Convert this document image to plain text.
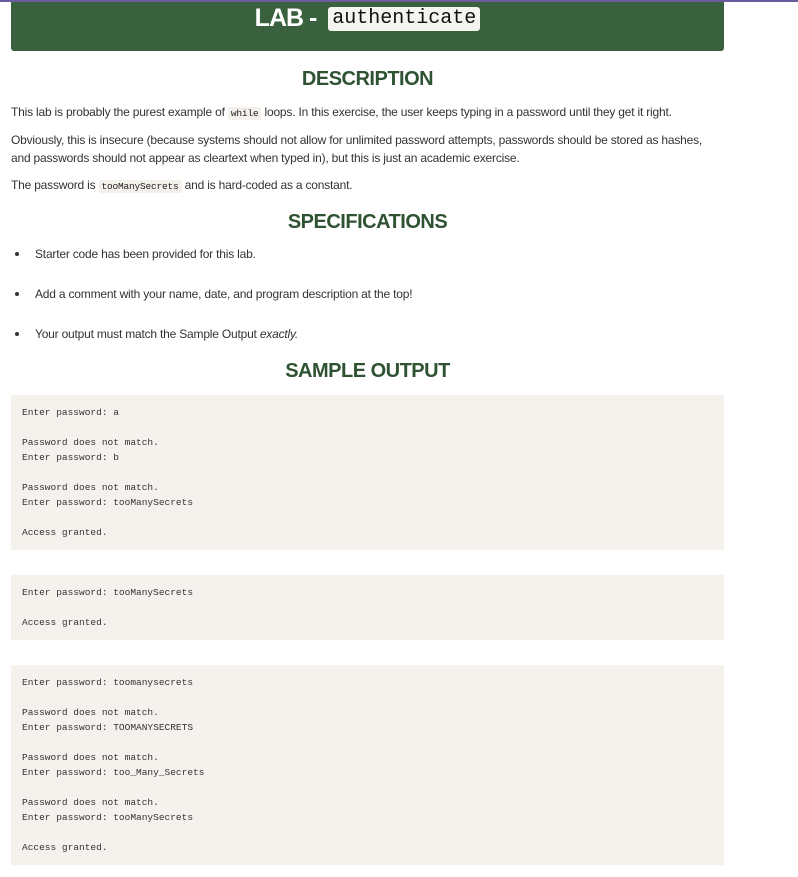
LAB - authenticate
DESCRIPTION
This lab is probably the purest example of while loops. In this exercise, the user keeps typing in a password until they get it right.
Obviously, this is insecure (because systems should not allow for unlimited password attempts, passwords should be stored as hashes, and passwords should not appear as cleartext when typed in), but this is just an academic exercise.
The password is tooManySecrets and is hard-coded as a constant.
SPECIFICATIONS
Starter code has been provided for this lab.
Add a comment with your name, date, and program description at the top!
Your output must match the Sample Output exactly.
SAMPLE OUTPUT
Enter password: a

Password does not match.
Enter password: b

Password does not match.
Enter password: tooManySecrets

Access granted.
Enter password: tooManySecrets

Access granted.
Enter password: toomanysecrets

Password does not match.
Enter password: TOOMANYSECRETS

Password does not match.
Enter password: too_Many_Secrets

Password does not match.
Enter password: tooManySecrets

Access granted.
